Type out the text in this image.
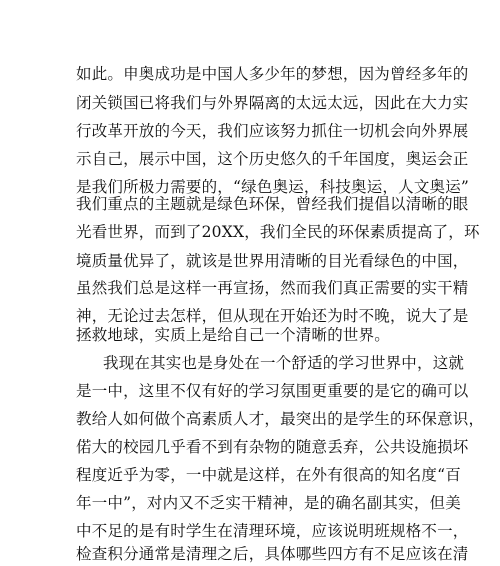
如此。申奥成功是中国人多少年的梦想，因为曾经多年的
闭关锁国已将我们与外界隔离的太远太远，因此在大力实
行改革开放的今天，我们应该努力抓住一切机会向外界展
示自己，展示中国，这个历史悠久的千年国度，奥运会正
是我们所极力需要的，“绿色奥运，科技奥运，人文奥运”
我们重点的主题就是绿色环保，曾经我们提倡以清晰的眼
光看世界，而到了20XX，我们全民的环保素质提高了，环
境质量优异了，就该是世界用清晰的目光看绿色的中国，
虽然我们总是这样一再宣扬，然而我们真正需要的实干精
神，无论过去怎样，但从现在开始还为时不晚，说大了是
拯救地球，实质上是给自己一个清晰的世界。
我现在其实也是身处在一个舒适的学习世界中，这就
是一中，这里不仅有好的学习氛围更重要的是它的确可以
教给人如何做个高素质人才，最突出的是学生的环保意识，
偌大的校园几乎看不到有杂物的随意丢弃，公共设施损坏
程度近乎为零，一中就是这样，在外有很高的知名度“百
年一中”，对内又不乏实干精神，是的确名副其实，但美
中不足的是有时学生在清理环境，应该说明班规格不一，
检查积分通常是清理之后，具体哪些四方有不足应该在清
